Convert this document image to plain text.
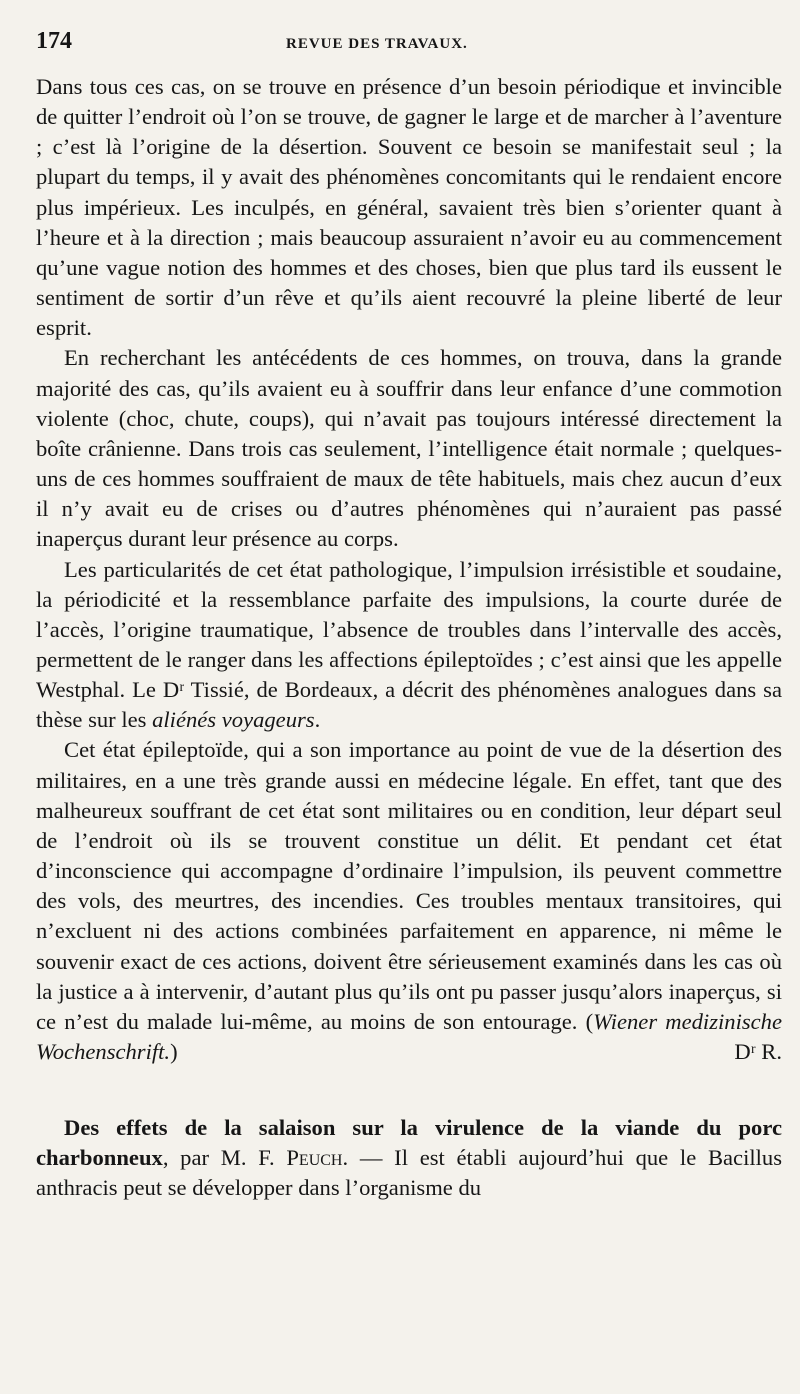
174	REVUE DES TRAVAUX.

Dans tous ces cas, on se trouve en présence d’un besoin périodique et invincible de quitter l’endroit où l’on se trouve, de gagner le large et de marcher à l’aventure ; c’est là l’origine de la désertion. Souvent ce besoin se manifestait seul ; la plupart du temps, il y avait des phénomènes concomitants qui le rendaient encore plus impérieux. Les inculpés, en général, savaient très bien s’orienter quant à l’heure et à la direction ; mais beaucoup assuraient n’avoir eu au commencement qu’une vague notion des hommes et des choses, bien que plus tard ils eussent le sentiment de sortir d’un rêve et qu’ils aient recouvré la pleine liberté de leur esprit.

En recherchant les antécédents de ces hommes, on trouva, dans la grande majorité des cas, qu’ils avaient eu à souffrir dans leur enfance d’une commotion violente (choc, chute, coups), qui n’avait pas toujours intéressé directement la boîte crânienne. Dans trois cas seulement, l’intelligence était normale ; quelques-uns de ces hommes souffraient de maux de tête habituels, mais chez aucun d’eux il n’y avait eu de crises ou d’autres phénomènes qui n’auraient pas passé inaperçus durant leur présence au corps.

Les particularités de cet état pathologique, l’impulsion irrésistible et soudaine, la périodicité et la ressemblance parfaite des impulsions, la courte durée de l’accès, l’origine traumatique, l’absence de troubles dans l’intervalle des accès, permettent de le ranger dans les affections épileptoïdes ; c’est ainsi que les appelle Westphal. Le Dʳ Tissié, de Bordeaux, a décrit des phénomènes analogues dans sa thèse sur les aliénés voyageurs.

Cet état épileptoïde, qui a son importance au point de vue de la désertion des militaires, en a une très grande aussi en médecine légale. En effet, tant que des malheureux souffrant de cet état sont militaires ou en condition, leur départ seul de l’endroit où ils se trouvent constitue un délit. Et pendant cet état d’inconscience qui accompagne d’ordinaire l’impulsion, ils peuvent commettre des vols, des meurtres, des incendies. Ces troubles mentaux transitoires, qui n’excluent ni des actions combinées parfaitement en apparence, ni même le souvenir exact de ces actions, doivent être sérieusement examinés dans les cas où la justice a à intervenir, d’autant plus qu’ils ont pu passer jusqu’alors inaperçus, si ce n’est du malade lui-même, au moins de son entourage. (Wiener medizinische Wochenschrift.)	Dʳ R.

Des effets de la salaison sur la virulence de la viande du porc charbonneux, par M. F. Peuch. — Il est établi aujourd’hui que le Bacillus anthracis peut se développer dans l’organisme du
